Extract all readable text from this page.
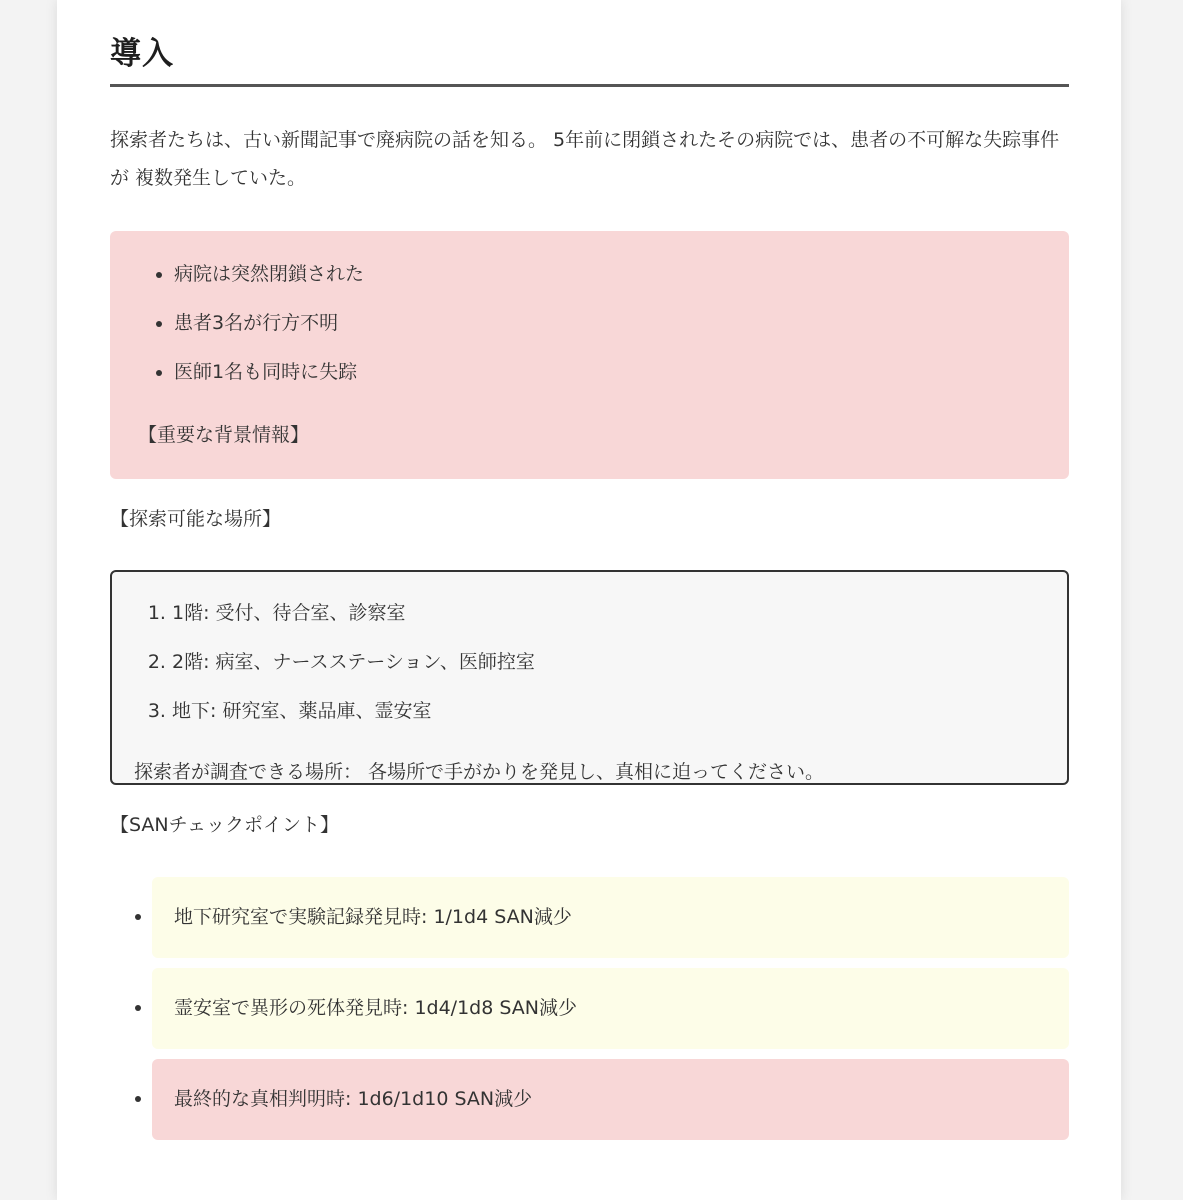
導入

探索者たちは、古い新聞記事で廃病院の話を知る。 5年前に閉鎖されたその病院では、患者の不可解な失踪事件が 複数発生していた。

• 病院は突然閉鎖された
• 患者3名が行方不明
• 医師1名も同時に失踪
【重要な背景情報】
【探索可能な場所】
1. 1階: 受付、待合室、診察室
2. 2階: 病室、ナースステーション、医師控室
3. 地下: 研究室、薬品庫、霊安室
探索者が調査できる場所： 各場所で手がかりを発見し、真相に迫ってください。
【SANチェックポイント】
地下研究室で実験記録発見時: 1/1d4 SAN減少
霊安室で異形の死体発見時: 1d4/1d8 SAN減少
最終的な真相判明時: 1d6/1d10 SAN減少
